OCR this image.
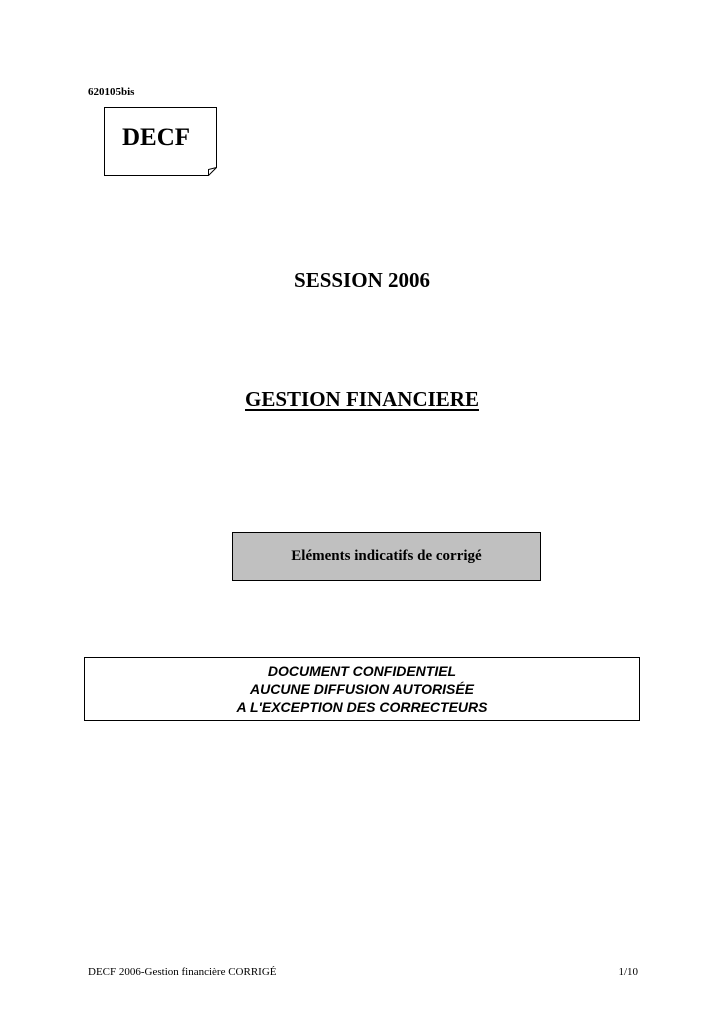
620105bis
DECF
SESSION 2006
GESTION FINANCIERE
Eléments indicatifs de corrigé
DOCUMENT CONFIDENTIEL
AUCUNE DIFFUSION AUTORISÉE
A L'EXCEPTION DES CORRECTEURS
DECF 2006-Gestion financière CORRIGÉ	1/10
